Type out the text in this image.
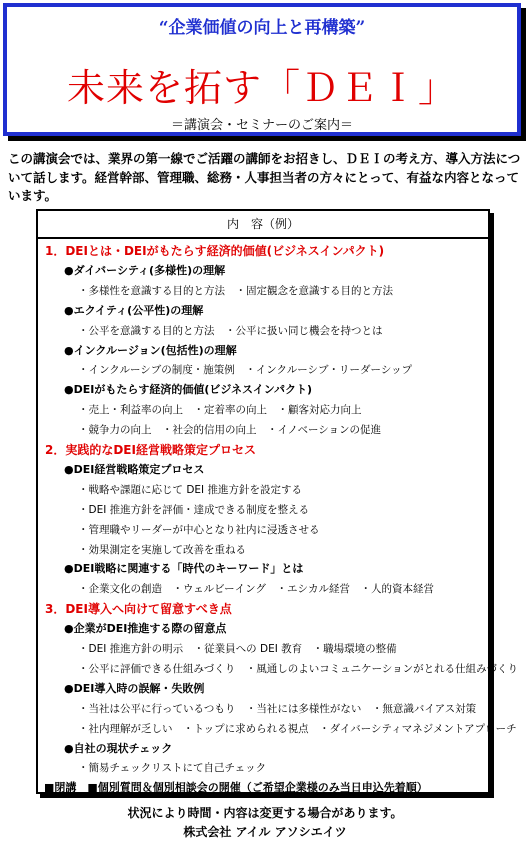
“企業価値の向上と再構築”
未来を拓す「ＤＥＩ」
＝講演会・セミナーのご案内＝
この講演会では、業界の第一線でご活躍の講師をお招きし、ＤＥＩの考え方、導入方法について話します。経営幹部、管理職、総務・人事担当者の方々にとって、有益な内容となっています。
内　容（例）
1．DEIとは・DEIがもたらす経済的価値(ビジネスインパクト)
●ダイバーシティ(多様性)の理解
・多様性を意識する目的と方法　・固定観念を意識する目的と方法
●エクイティ(公平性)の理解
・公平を意識する目的と方法　・公平に扱い同じ機会を持つとは
●インクルージョン(包括性)の理解
・インクルーシブの制度・施策例　・インクルーシブ・リーダーシップ
●DEIがもたらす経済的価値(ビジネスインパクト)
・売上・利益率の向上　・定着率の向上　・顧客対応力向上
・競争力の向上　・社会的信用の向上　・イノベーションの促進
2．実践的なDEI経営戦略策定プロセス
●DEI経営戦略策定プロセス
・戦略や課題に応じて DEI 推進方針を設定する
・DEI 推進方針を評価・達成できる制度を整える
・管理職やリーダーが中心となり社内に浸透させる
・効果測定を実施して改善を重ねる
●DEI戦略に関連する「時代のキーワード」とは
・企業文化の創造　・ウェルビーイング　・エシカル経営　・人的資本経営
3．DEI導入へ向けて留意すべき点
●企業がDEI推進する際の留意点
・DEI 推進方針の明示　・従業員への DEI 教育　・職場環境の整備
・公平に評価できる仕組みづくり　・風通しのよいコミュニケーションがとれる仕組みづくり
●DEI導入時の誤解・失敗例
・当社は公平に行っているつもり　・当社には多様性がない　・無意識バイアス対策
・社内理解が乏しい　・トップに求められる視点　・ダイバーシティマネジメントアプローチ
●自社の現状チェック
・簡易チェックリストにて自己チェック
■閉講　■個別質問＆個別相談会の開催（ご希望企業様のみ当日申込先着順）
状況により時間・内容は変更する場合があります。
株式会社 アイル アソシエイツ
